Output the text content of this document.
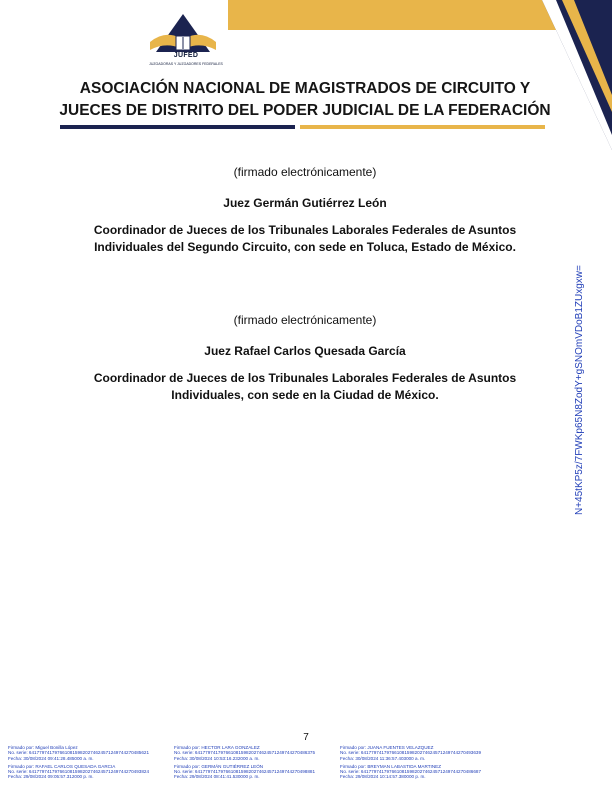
JUFED
JUZGADORAS Y JUZGADORES FEDERALES
ASOCIACIÓN NACIONAL DE MAGISTRADOS DE CIRCUITO Y
JUECES DE DISTRITO DEL PODER JUDICIAL DE LA FEDERACIÓN
(firmado electrónicamente)
Juez Germán Gutiérrez León
Coordinador de Jueces de los Tribunales Laborales Federales de Asuntos Individuales del Segundo Circuito, con sede en Toluca, Estado de México.
(firmado electrónicamente)
Juez Rafael Carlos Quesada García
Coordinador de Jueces de los Tribunales Laborales Federales de Asuntos Individuales, con sede en la Ciudad de México.	N+45tKP5z/7FWKp65N8ZodY+gSNOmVDoB1ZUxgxw=
7
Firmado por: Miguel Bonilla López
No. serie: 64177974179766108159820274624571249744270485621
Fecha: 30/08/2024 09:41:28.485000 a. m.
Firmado por: HECTOR LARA GONZALEZ
No. serie: 64177974179766108159820274624571249744270486375
Fecha: 30/08/2024 10:53:16.232000 a. m.
Firmado por: JUANA FUENTES VELAZQUEZ
No. serie: 64177974179766108159820274624571249744270493639
Fecha: 30/08/2024 11:36:57.403000 a. m.
Firmado por: RAFAEL CARLOS QUESADA GARCIA
No. serie: 64177974179766108159820274624571249744270493824
Fecha: 29/08/2024 09:05:57.312000 p. m.
Firmado por: GERMÁN GUTIÉRREZ LEÓN
No. serie: 64177974179766108159820274624571249744270498881
Fecha: 29/08/2024 08:41:41.530000 p. m.
Firmado por: BREYMAN LABASTIDA MARTINEZ
No. serie: 64177974179766108159820274624571249744270486687
Fecha: 29/08/2024 10:14:57.380000 p. m.
